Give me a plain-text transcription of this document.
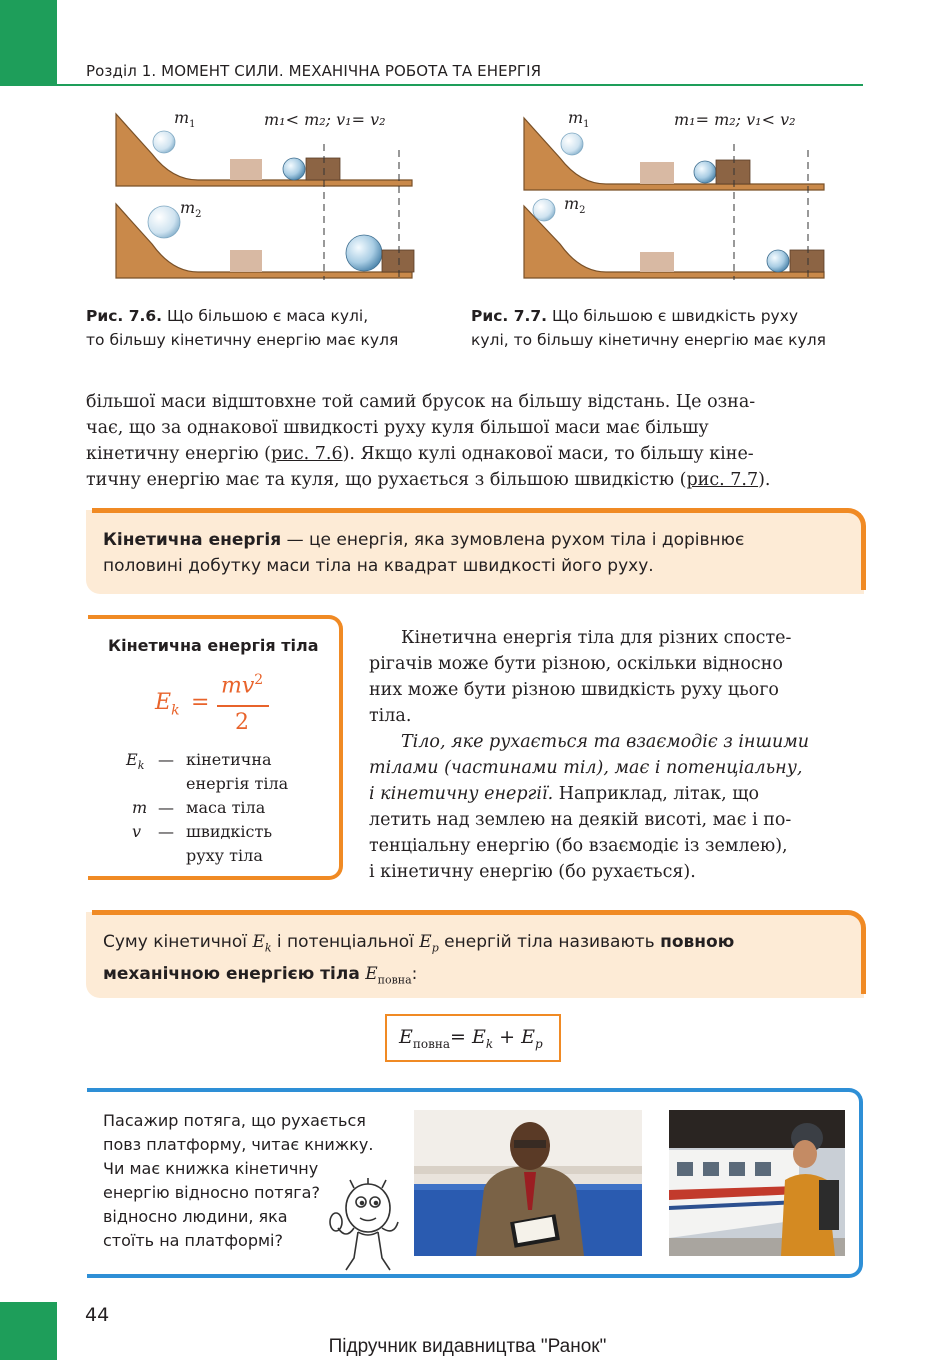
Розділ 1. МОМЕНТ СИЛИ. МЕХАНІЧНА РОБОТА ТА ЕНЕРГІЯ
$m_1$
$m_2$
m₁< m₂; v₁= v₂	$m_1$
$m_2$
m₁= m₂; v₁< v₂
Рис. 7.6. Що більшою є маса кулі,
то більшу кінетичну енергію має куля
Рис. 7.7. Що більшою є швидкість руху
кулі, то більшу кінетичну енергію має куля
більшої маси відштовхне той самий брусок на більшу відстань. Це озна-
чає, що за однакової швидкості руху куля більшої маси має більшу
кінетичну енергію (рис. 7.6). Якщо кулі однакової маси, то більшу кіне-
тичну енергію має та куля, що рухається з більшою швидкістю (рис. 7.7).
Кінетична енергія — це енергія, яка зумовлена рухом тіла і дорівнює
половині добутку маси тіла на квадрат швидкості його руху.
Кінетична енергія тіла
$E_k$ =
$mv^2$
2
$E_k$ — кінетична
енергія тіла
m — маса тіла
v — швидкість
руху тіла
Кінетична енергія тіла для різних спосте-
рігачів може бути різною, оскільки відносно
них може бути різною швидкість руху цього
тіла.
Тіло, яке рухається та взаємодіє з іншими
тілами (частинами тіл), має і потенціальну,
і кінетичну енергії. Наприклад, літак, що
летить над землею на деякій висоті, має і по-
тенціальну енергію (бо взаємодіє із землею),
і кінетичну енергію (бо рухається).
Суму кінетичної $E_k$ і потенціальної $E_p$ енергій тіла називають повною
механічною енергією тіла $E_{повна}$:
$E_{повна}= E_k + E_p$
Пасажир потяга, що рухається
повз платформу, читає книжку.
Чи має книжка кінетичну
енергію відносно потяга?
відносно людини, яка
стоїть на платформі?
44
Підручник видавництва "Ранок"
